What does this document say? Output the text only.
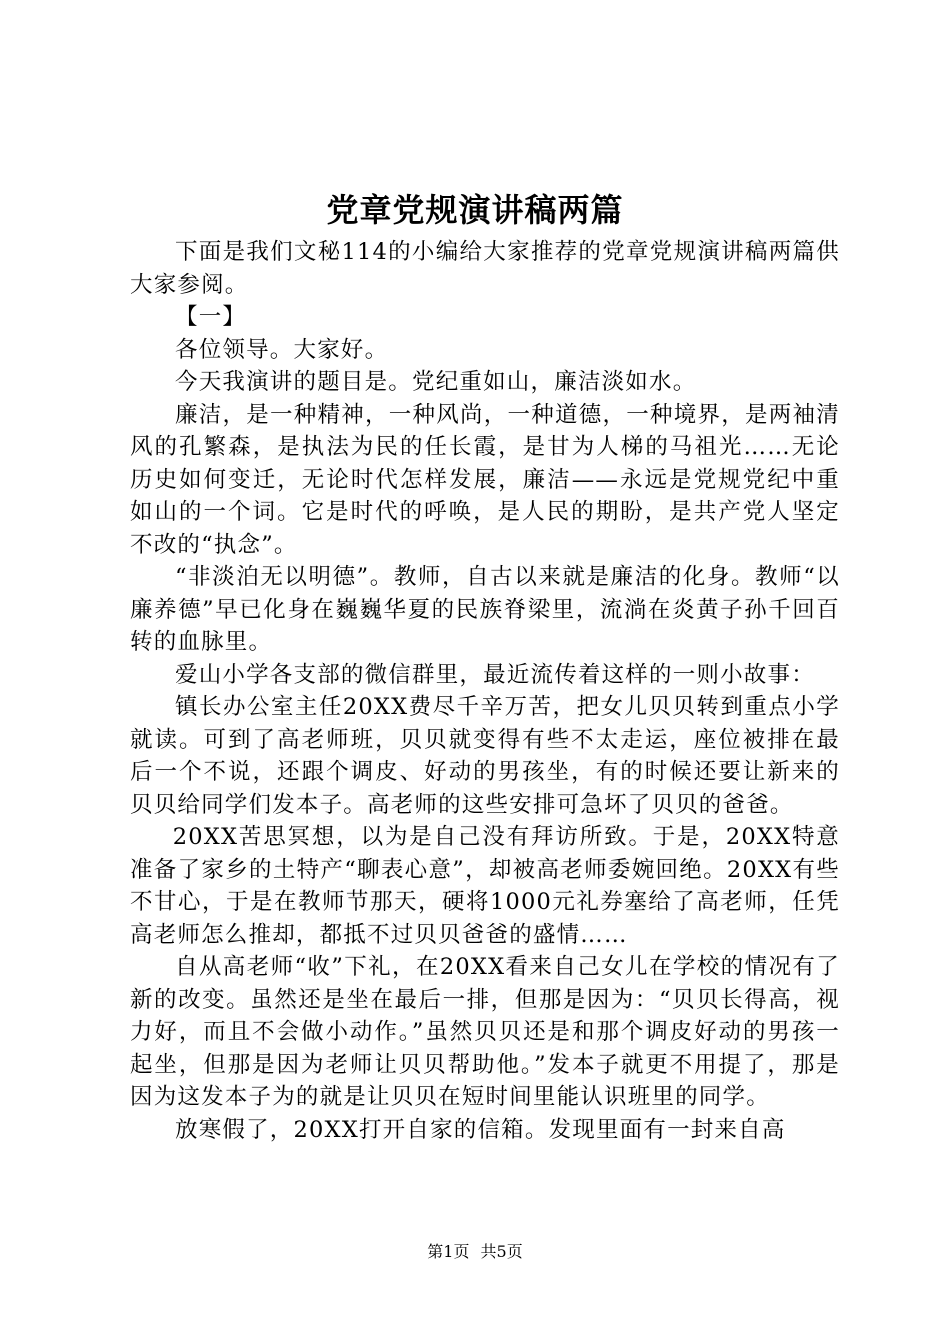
党章党规演讲稿两篇

下面是我们文秘114的小编给大家推荐的党章党规演讲稿两篇供大家参阅。

【一】

各位领导。大家好。

今天我演讲的题目是。党纪重如山，廉洁淡如水。

廉洁，是一种精神，一种风尚，一种道德，一种境界，是两袖清风的孔繁森，是执法为民的任长霞，是甘为人梯的马祖光……无论历史如何变迁，无论时代怎样发展，廉洁——永远是党规党纪中重如山的一个词。它是时代的呼唤，是人民的期盼，是共产党人坚定不改的“执念”。

“非淡泊无以明德”。教师，自古以来就是廉洁的化身。教师“以廉养德”早已化身在巍巍华夏的民族脊梁里，流淌在炎黄子孙千回百转的血脉里。

爱山小学各支部的微信群里，最近流传着这样的一则小故事：

镇长办公室主任20XX费尽千辛万苦，把女儿贝贝转到重点小学就读。可到了高老师班，贝贝就变得有些不太走运，座位被排在最后一个不说，还跟个调皮、好动的男孩坐，有的时候还要让新来的贝贝给同学们发本子。高老师的这些安排可急坏了贝贝的爸爸。

20XX苦思冥想，以为是自己没有拜访所致。于是，20XX特意准备了家乡的土特产“聊表心意”，却被高老师委婉回绝。20XX有些不甘心，于是在教师节那天，硬将1000元礼券塞给了高老师，任凭高老师怎么推却，都抵不过贝贝爸爸的盛情……

自从高老师“收”下礼，在20XX看来自己女儿在学校的情况有了新的改变。虽然还是坐在最后一排，但那是因为：“贝贝长得高，视力好，而且不会做小动作。”虽然贝贝还是和那个调皮好动的男孩一起坐，但那是因为老师让贝贝帮助他。”发本子就更不用提了，那是因为这发本子为的就是让贝贝在短时间里能认识班里的同学。

放寒假了，20XX打开自家的信箱。发现里面有一封来自高

第1页 共5页
